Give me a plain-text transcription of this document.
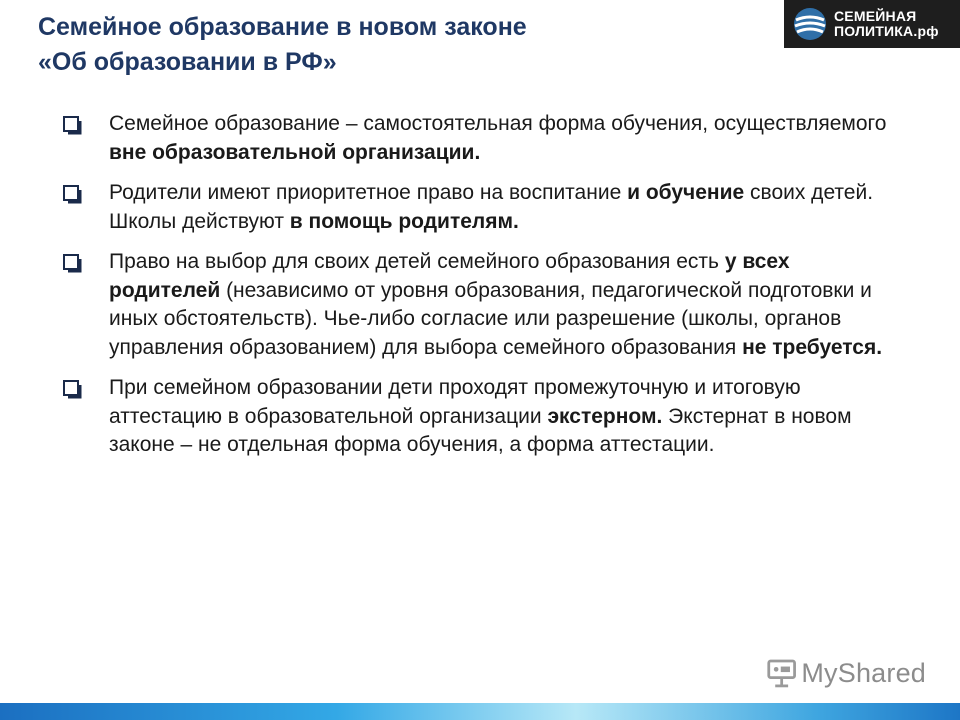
Семейное образование в новом законе
«Об образовании в РФ»
СЕМЕЙНАЯ
ПОЛИТИКА.рф
Семейное образование – самостоятельная форма обучения, осуществляемого вне образовательной организации.
Родители имеют приоритетное право на воспитание и обучение своих детей. Школы действуют в помощь родителям.
Право на выбор для своих детей семейного образования есть у всех родителей (независимо от уровня образования, педагогической подготовки и иных обстоятельств). Чье-либо согласие или разрешение (школы, органов управления образованием) для выбора семейного образования не требуется.
При семейном образовании дети проходят промежуточную и итоговую аттестацию в образовательной организации экстерном. Экстернат в новом законе – не отдельная форма обучения, а форма аттестации.
MyShared
